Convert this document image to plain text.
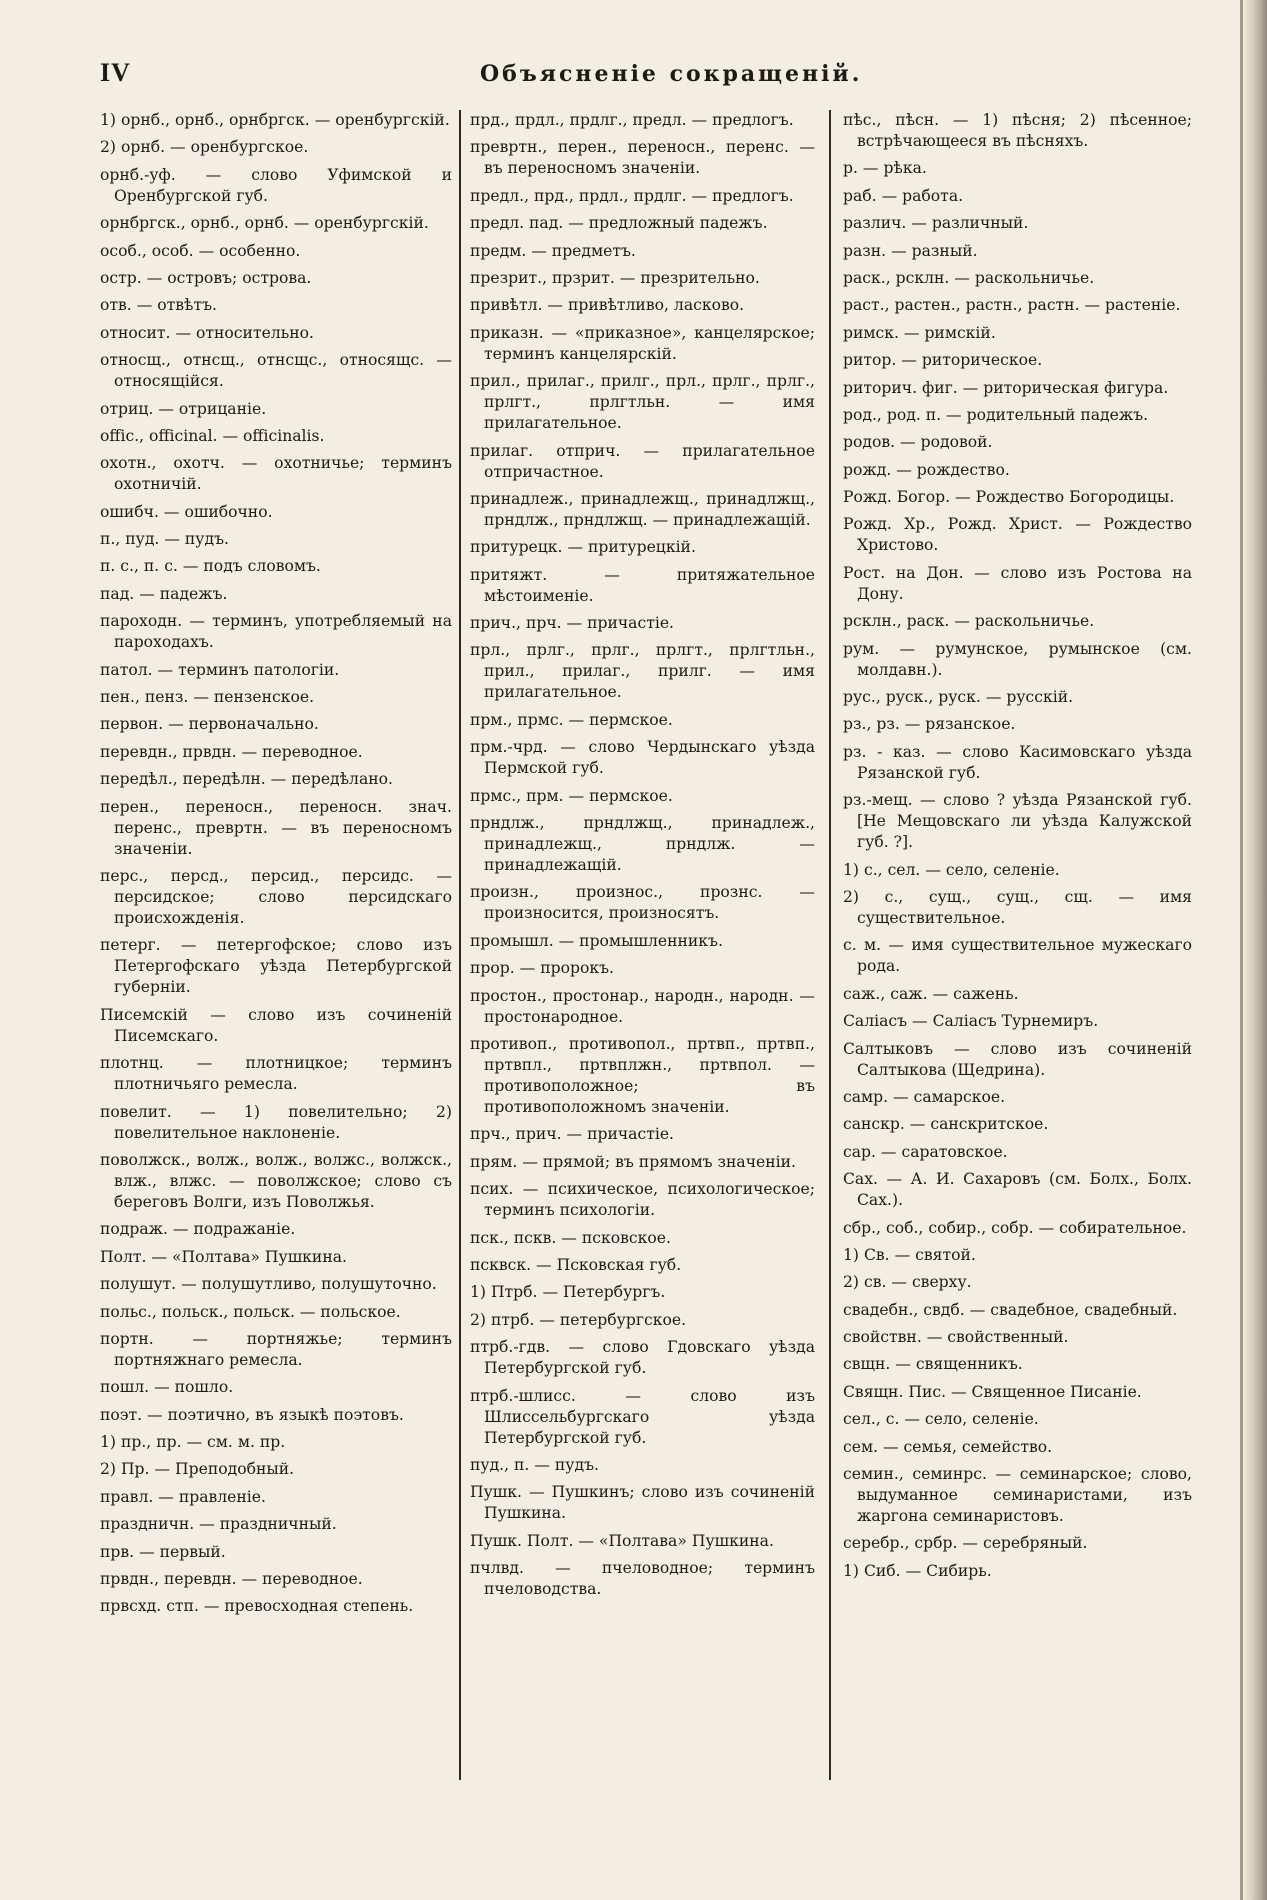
IV	Объясненіе сокращеній.
1) орнб., орнб., орнбргск. — оренбургскій.
2) орнб. — оренбургское.
орнб.-уф. — слово Уфимской и Оренбургской губ.
орнбргск., орнб., орнб. — оренбургскій.
особ., особ. — особенно.
остр. — островъ; острова.
отв. — отвѣтъ.
относит. — относительно.
относщ., отнсщ., отнсщс., относящс. — относящійся.
отриц. — отрицаніе.
offic., officinal. — officinalis.
охотн., охотч. — охотничье; терминъ охотничій.
ошибч. — ошибочно.
п., пуд. — пудъ.
п. с., п. с. — подъ словомъ.
пад. — падежъ.
пароходн. — терминъ, употребляемый на пароходахъ.
патол. — терминъ патологіи.
пен., пенз. — пензенское.
первон. — первоначально.
перевдн., првдн. — переводное.
передѣл., передѣлн. — передѣлано.
перен., переносн., переносн. знач. перенс., превртн. — въ переносномъ значеніи.
перс., персд., персид., персидс. — персидское; слово персидскаго происхожденія.
петерг. — петергофское; слово изъ Петергофскаго уѣзда Петербургской губерніи.
Писемскій — слово изъ сочиненій Писемскаго.
плотнц. — плотницкое; терминъ плотничьяго ремесла.
повелит. — 1) повелительно; 2) повелительное наклоненіе.
поволжск., волж., волж., волжс., волжск., влж., влжс. — поволжское; слово съ береговъ Волги, изъ Поволжья.
подраж. — подражаніе.
Полт. — «Полтава» Пушкина.
полушут. — полушутливо, полушуточно.
польс., польск., польск. — польское.
портн. — портняжье; терминъ портняжнаго ремесла.
пошл. — пошло.
поэт. — поэтично, въ языкѣ поэтовъ.
1) пр., пр. — см. м. пр.
2) Пр. — Преподобный.
правл. — правленіе.
праздничн. — праздничный.
прв. — первый.
првдн., перевдн. — переводное.
првсхд. стп. — превосходная степень.
прд., прдл., прдлг., предл. — предлогъ.
превртн., перен., переносн., перенс. — въ переносномъ значеніи.
предл., прд., прдл., прдлг. — предлогъ.
предл. пад. — предложный падежъ.
предм. — предметъ.
презрит., прзрит. — презрительно.
привѣтл. — привѣтливо, ласково.
приказн. — «приказное», канцелярское; терминъ канцелярскій.
прил., прилаг., прилг., прл., прлг., прлг., прлгт., прлгтльн. — имя прилагательное.
прилаг. отприч. — прилагательное отпричастное.
принадлеж., принадлежщ., принадлжщ., прндлж., прндлжщ. — принадлежащій.
притурецк. — притурецкій.
притяжт. — притяжательное мѣстоименіе.
прич., прч. — причастіе.
прл., прлг., прлг., прлгт., прлгтльн., прил., прилаг., прилг. — имя прилагательное.
прм., прмс. — пермское.
прм.-чрд. — слово Чердынскаго уѣзда Пермской губ.
прмс., прм. — пермское.
прндлж., прндлжщ., принадлеж., принадлежщ., прндлж. — принадлежащій.
произн., произнос., прознс. — произносится, произносятъ.
промышл. — промышленникъ.
прор. — пророкъ.
простон., простонар., народн., народн. — простонародное.
противоп., противопол., пртвп., пртвп., пртвпл., пртвплжн., пртвпол. — противоположное; въ противоположномъ значеніи.
прч., прич. — причастіе.
прям. — прямой; въ прямомъ значеніи.
псих. — психическое, психологическое; терминъ психологіи.
пск., пскв. — псковское.
псквск. — Псковская губ.
1) Птрб. — Петербургъ.
2) птрб. — петербургское.
птрб.-гдв. — слово Гдовскаго уѣзда Петербургской губ.
птрб.-шлисс. — слово изъ Шлиссельбургскаго уѣзда Петербургской губ.
пуд., п. — пудъ.
Пушк. — Пушкинъ; слово изъ сочиненій Пушкина.
Пушк. Полт. — «Полтава» Пушкина.
пчлвд. — пчеловодное; терминъ пчеловодства.
пѣс., пѣсн. — 1) пѣсня; 2) пѣсенное; встрѣчающееся въ пѣсняхъ.
р. — рѣка.
раб. — работа.
различ. — различный.
разн. — разный.
раск., рсклн. — раскольничье.
раст., растен., растн., растн. — растеніе.
римск. — римскій.
ритор. — риторическое.
риторич. фиг. — риторическая фигура.
род., род. п. — родительный падежъ.
родов. — родовой.
рожд. — рождество.
Рожд. Богор. — Рождество Богородицы.
Рожд. Хр., Рожд. Христ. — Рождество Христово.
Рост. на Дон. — слово изъ Ростова на Дону.
рсклн., раск. — раскольничье.
рум. — румунское, румынское (см. молдавн.).
рус., руск., руск. — русскій.
рз., рз. — рязанское.
рз. - каз. — слово Касимовскаго уѣзда Рязанской губ.
рз.-мещ. — слово ? уѣзда Рязанской губ. [Не Мещовскаго ли уѣзда Калужской губ. ?].
1) с., сел. — село, селеніе.
2) с., сущ., сущ., сщ. — имя существительное.
с. м. — имя существительное мужескаго рода.
саж., саж. — сажень.
Саліасъ — Саліасъ Турнемиръ.
Салтыковъ — слово изъ сочиненій Салтыкова (Щедрина).
самр. — самарское.
санскр. — санскритское.
сар. — саратовское.
Сах. — А. И. Сахаровъ (см. Болх., Болх. Сах.).
сбр., соб., собир., собр. — собирательное.
1) Св. — святой.
2) св. — сверху.
свадебн., свдб. — свадебное, свадебный.
свойствн. — свойственный.
свщн. — священникъ.
Свящн. Пис. — Священное Писаніе.
сел., с. — село, селеніе.
сем. — семья, семейство.
семин., семинрс. — семинарское; слово, выдуманное семинаристами, изъ жаргона семинаристовъ.
серебр., србр. — серебряный.
1) Сиб. — Сибирь.
